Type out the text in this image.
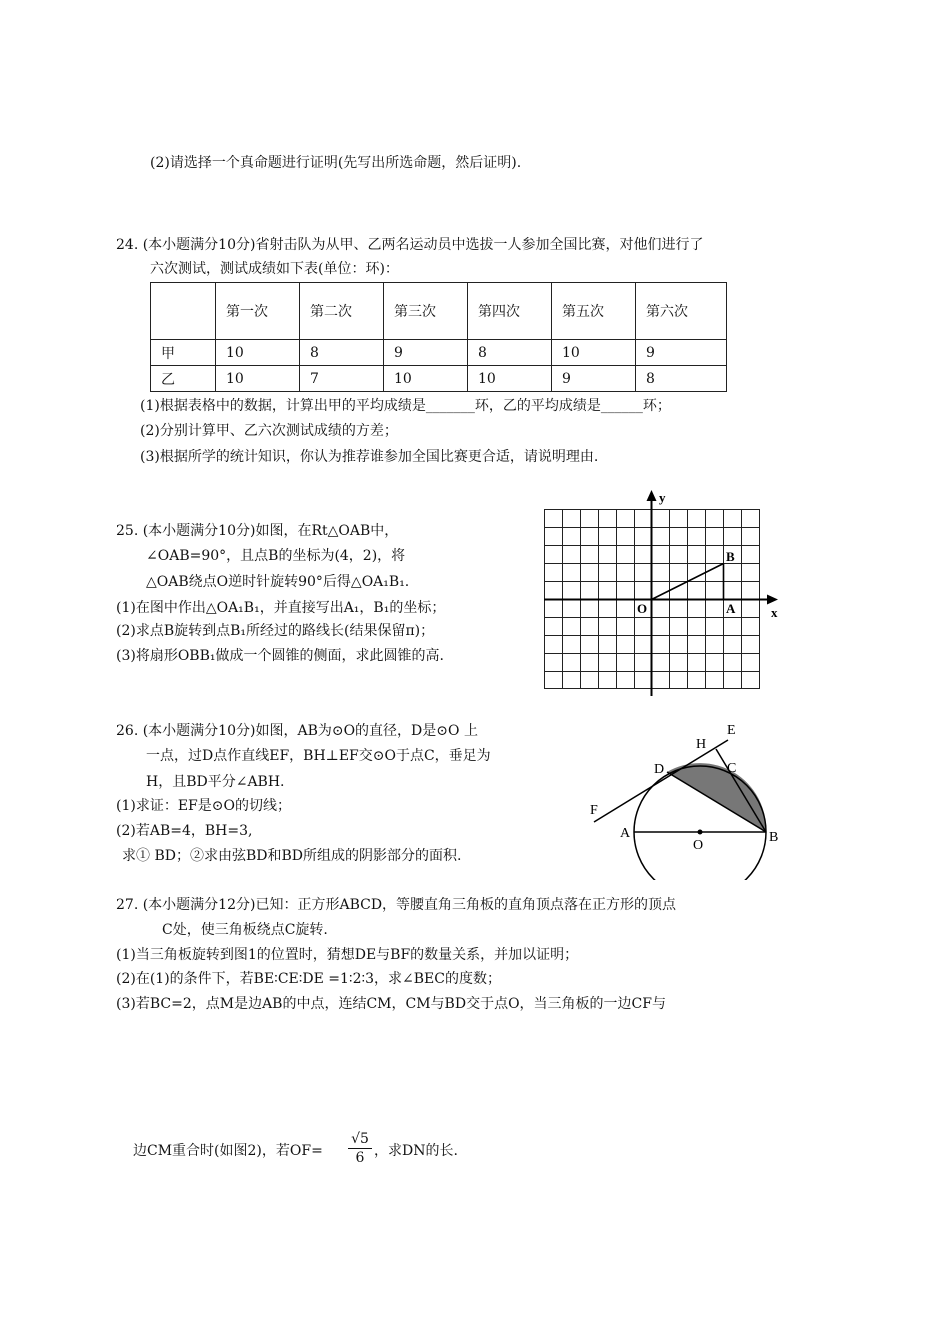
(2)请选择一个真命题进行证明(先写出所选命题，然后证明).
24. (本小题满分10分)省射击队为从甲、乙两名运动员中选拔一人参加全国比赛，对他们进行了
六次测试，测试成绩如下表(单位：环)：
	第一次	第二次	第三次	第四次	第五次	第六次
甲	10	8	9	8	10	9
乙	10	7	10	10	9	8
(1)根据表格中的数据，计算出甲的平均成绩是_______环，乙的平均成绩是______环；
(2)分别计算甲、乙六次测试成绩的方差；
(3)根据所学的统计知识，你认为推荐谁参加全国比赛更合适，请说明理由.
25. (本小题满分10分)如图，在Rt△OAB中，
∠OAB=90°，且点B的坐标为(4，2)，将
△OAB绕点O逆时针旋转90°后得△OA₁B₁.
(1)在图中作出△OA₁B₁，并直接写出A₁，B₁的坐标；
(2)求点B旋转到点B₁所经过的路线长(结果保留π)；
(3)将扇形OBB₁做成一个圆锥的侧面，求此圆锥的高.
x
y
O	A
B
26. (本小题满分10分)如图，AB为⊙O的直径，D是⊙O 上
一点，过D点作直线EF，BH⊥EF交⊙O于点C，垂足为
H，且BD平分∠ABH.
(1)求证：EF是⊙O的切线；
(2)若AB=4，BH=3,
求① BD；②求由弦BD和BD所组成的阴影部分的面积.
E
H
C
D
F
A
O
B
27. (本小题满分12分)已知：正方形ABCD，等腰直角三角板的直角顶点落在正方形的顶点
C处，使三角板绕点C旋转.
(1)当三角板旋转到图1的位置时，猜想DE与BF的数量关系，并加以证明；
(2)在(1)的条件下，若BE∶CE∶DE =1∶2∶3，求∠BEC的度数；
(3)若BC=2，点M是边AB的中点，连结CM，CM与BD交于点O，当三角板的一边CF与
边CM重合时(如图2)，若$OF= \frac{√5}{6}$ ，求DN的长.
